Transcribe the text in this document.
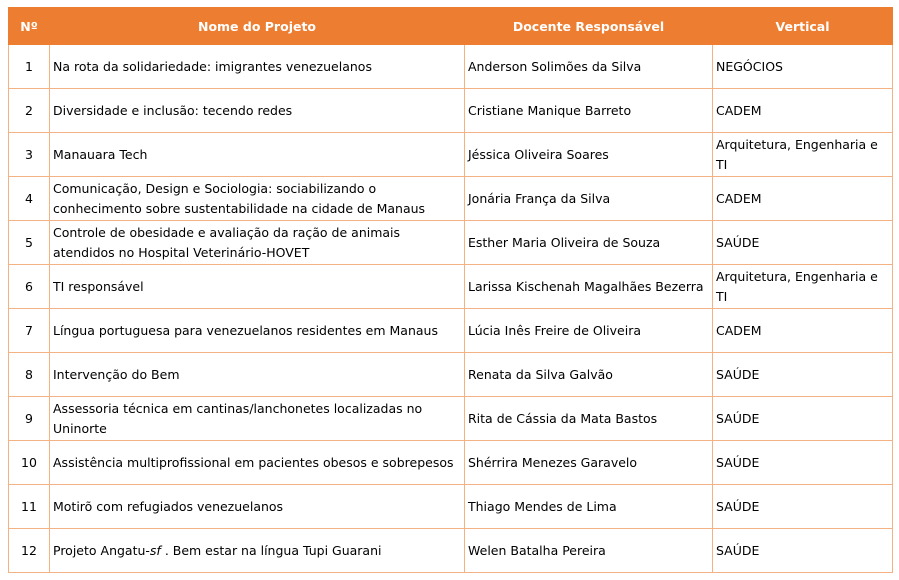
Nº	Nome do Projeto	Docente Responsável	Vertical
1	Na rota da solidariedade: imigrantes venezuelanos	Anderson Solimões da Silva	NEGÓCIOS
2	Diversidade e inclusão: tecendo redes	Cristiane Manique Barreto	CADEM
3	Manauara Tech	Jéssica Oliveira Soares	Arquitetura, Engenharia e TI
4	Comunicação, Design e Sociologia: sociabilizando o conhecimento sobre sustentabilidade na cidade de Manaus	Jonária França da Silva	CADEM
5	Controle de obesidade e avaliação da ração de animais atendidos no Hospital Veterinário-HOVET	Esther Maria Oliveira de Souza	SAÚDE
6	TI responsável	Larissa Kischenah Magalhães Bezerra	Arquitetura, Engenharia e TI
7	Língua portuguesa para venezuelanos residentes em Manaus	Lúcia Inês Freire de Oliveira	CADEM
8	Intervenção do Bem	Renata da Silva Galvão	SAÚDE
9	Assessoria técnica em cantinas/lanchonetes localizadas no Uninorte	Rita de Cássia da Mata Bastos	SAÚDE
10	Assistência multiprofissional em pacientes obesos e sobrepesos	Shérrira Menezes Garavelo	SAÚDE
11	Motirõ com refugiados venezuelanos	Thiago Mendes de Lima	SAÚDE
12	Projeto Angatu-sf . Bem estar na língua Tupi Guarani	Welen Batalha Pereira	SAÚDE
